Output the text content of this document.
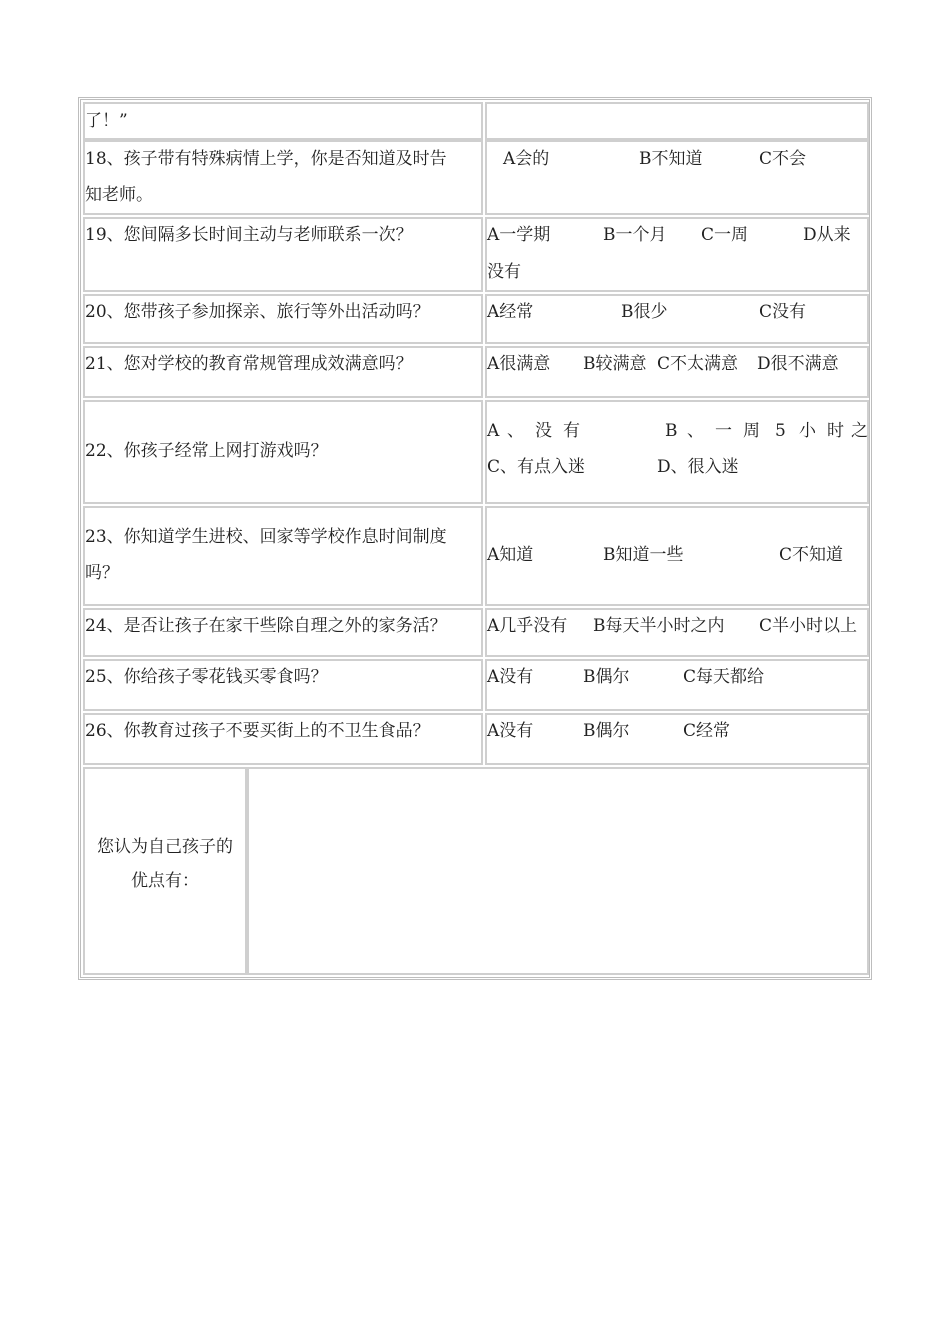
了！”
18、孩子带有特殊病情上学，你是否知道及时告
知老师。
A会的	B不知道	C不会
19、您间隔多长时间主动与老师联系一次？	A一学期	B一个月 C一周	D从来
没有
20、您带孩子参加探亲、旅行等外出活动吗？	A经常	B很少	C没有
21、您对学校的教育常规管理成效满意吗？	A很满意 B较满意 C不太满意 D很不满意
22、你孩子经常上网打游戏吗？
A 、 没 有	B 、 一 周 5 小 时 之
C、有点入迷	D、很入迷
23、你知道学生进校、回家等学校作息时间制度
吗？
A知道	B知道一些	C不知道
24、是否让孩子在家干些除自理之外的家务活？ A几乎没有 B每天半小时之内 C半小时以上
25、你给孩子零花钱买零食吗？	A没有	B偶尔	C每天都给
26、你教育过孩子不要买街上的不卫生食品？	A没有	B偶尔	C经常
您认为自己孩子的
优点有：
